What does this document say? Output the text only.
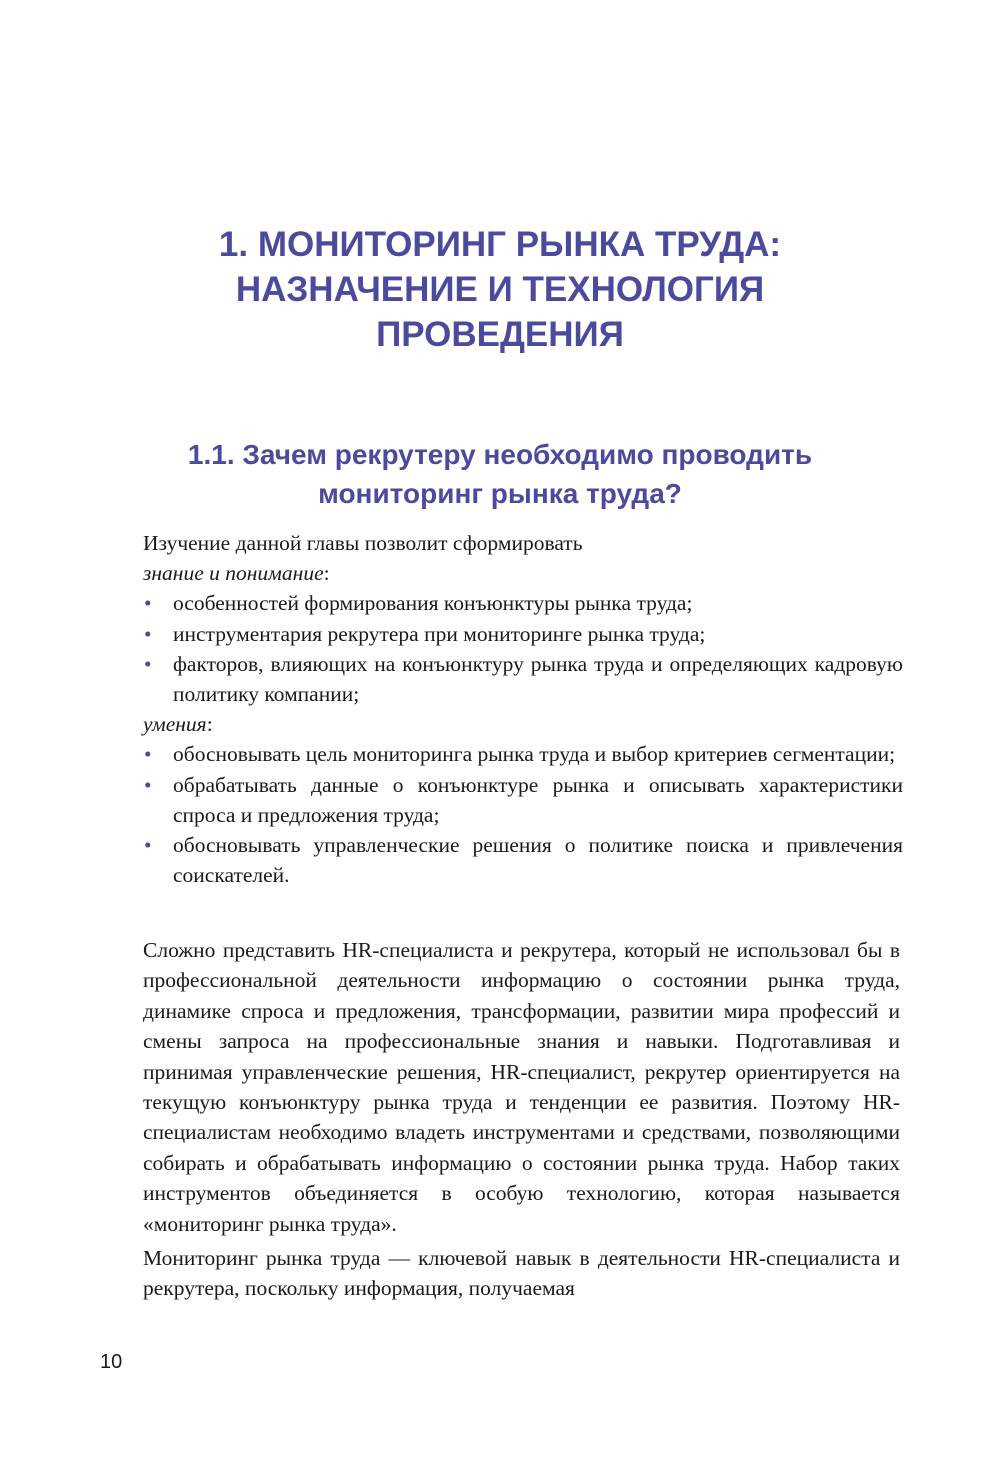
1. МОНИТОРИНГ РЫНКА ТРУДА:
НАЗНАЧЕНИЕ И ТЕХНОЛОГИЯ
ПРОВЕДЕНИЯ
1.1. Зачем рекрутеру необходимо проводить
мониторинг рынка труда?
Изучение данной главы позволит сформировать
знание и понимание:
• особенностей формирования конъюнктуры рынка труда;
• инструментария рекрутера при мониторинге рынка труда;
• факторов, влияющих на конъюнктуру рынка труда и определяющих кадровую политику компании;
умения:
• обосновывать цель мониторинга рынка труда и выбор критериев сегментации;
• обрабатывать данные о конъюнктуре рынка и описывать характеристики спроса и предложения труда;
• обосновывать управленческие решения о политике поиска и привлечения соискателей.

Сложно представить HR-специалиста и рекрутера, который не использовал бы в профессиональной деятельности информацию о состоянии рынка труда, динамике спроса и предложения, трансформации, развитии мира профессий и смены запроса на профессиональные знания и навыки. Подготавливая и принимая управленческие решения, HR-специалист, рекрутер ориентируется на текущую конъюнктуру рынка труда и тенденции ее развития. Поэтому HR-специалистам необходимо владеть инструментами и средствами, позволяющими собирать и обрабатывать информацию о состоянии рынка труда. Набор таких инструментов объединяется в особую технологию, которая называется «мониторинг рынка труда».

Мониторинг рынка труда — ключевой навык в деятельности HR-специалиста и рекрутера, поскольку информация, получаемая

10
